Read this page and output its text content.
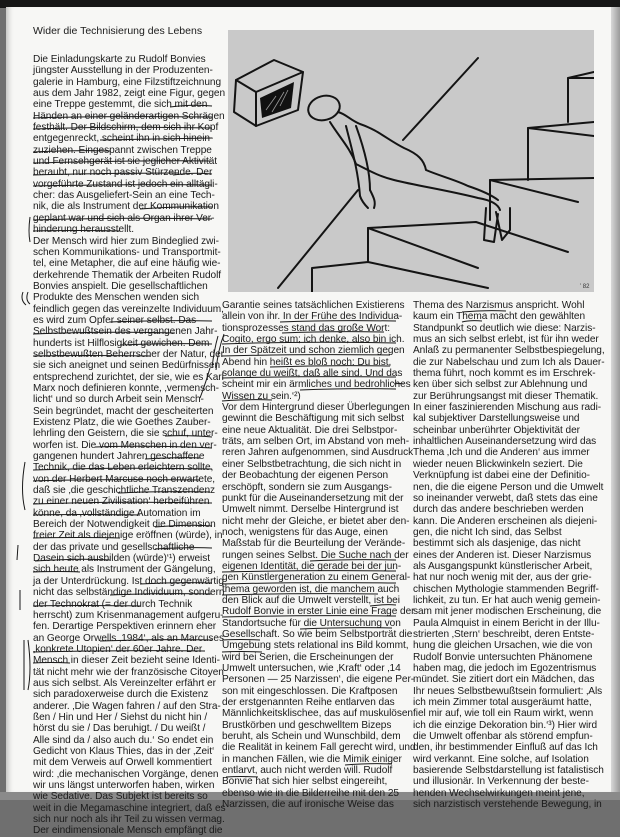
Wider die Technisierung des Lebens
’ 82
Die Einladungskarte zu Rudolf Bonvies
jüngster Ausstellung in der Produzenten-
galerie in Hamburg, eine Filzstiftzeichnung
aus dem Jahr 1982, zeigt eine Figur, gegen
eine Treppe gestemmt, die sich mit den
Händen an einer geländerartigen Schrägen
festhält. Der Bildschirm, dem sich ihr Kopf
entgegenreckt, scheint ihn in sich hinein-
zuziehen. Eingespannt zwischen Treppe
und Fernsehgerät ist sie jeglicher Aktivität
beraubt, nur noch passiv Stürzende. Der
vorgeführte Zustand ist jedoch ein alltägli-
cher: das Ausgeliefert-Sein an eine Tech-
nik, die als Instrument der Kommunikation
geplant war und sich als Organ ihrer Ver-
hinderung herausstellt.
Der Mensch wird hier zum Bindeglied zwi-
schen Kommunikations- und Transportmit-
tel, eine Metapher, die auf eine häufig wie-
derkehrende Thematik der Arbeiten Rudolf
Bonvies anspielt. Die gesellschaftlichen
Produkte des Menschen wenden sich
feindlich gegen das vereinzelte Individuum,
es wird zum Opfer seiner selbst. Das
Selbstbewußtsein des vergangenen Jahr-
hunderts ist Hilflosigkeit gewichen. Dem
selbstbewußten Beherrscher der Natur, der
sie sich aneignet und seinen Bedürfnissen
entsprechend zurichtet, der sie, wie es Karl
Marx noch definieren konnte, ‚vermensch-
licht‘ und so durch Arbeit sein Mensch-
Sein begründet, macht der gescheiterten
Existenz Platz, die wie Goethes Zauber-
lehrling den Geistern, die sie schuf, unter-
worfen ist. Die vom Menschen in den ver-
gangenen hundert Jahren geschaffene
Technik, die das Leben erleichtern sollte,
von der Herbert Marcuse noch erwartete,
daß sie ‚die geschichtliche Transzendenz
zu einer neuen Zivilisation‘ herbeiführen
könne, da ‚vollständige Automation im
Bereich der Notwendigkeit die Dimension
freier Zeit als diejenige eröffnen (würde), in
der das private und gesellschaftliche
Dasein sich ausbilden (würde)‘¹) erweist
sich heute als Instrument der Gängelung,
ja der Unterdrückung. Ist doch gegenwärtig
nicht das selbständige Individuum, sondern
der Technokrat (= der durch Technik
herrscht) zum Krisenmanagement aufgeru-
fen. Derartige Perspektiven erinnern eher
an George Orwells ‚1984‘, als an Marcuses
‚konkrete Utopien‘ der 60er Jahre. Der
Mensch in dieser Zeit bezieht seine Identi-
tät nicht mehr wie der französische Citoyen
aus sich selbst. Als Vereinzelter erfährt er
sich paradoxerweise durch die Existenz
anderer. ‚Die Wagen fahren / auf den Stra-
ßen / Hin und Her / Siehst du nicht hin /
hörst du sie / Das beruhigt. / Du weißt /
Alle sind da / also auch du.‘ So endet ein
Gedicht von Klaus Thies, das in der ‚Zeit‘
mit dem Verweis auf Orwell kommentiert
wird: ‚die mechanischen Vorgänge, denen
wir uns längst unterworfen haben, wirken
wie Sedative. Das Subjekt ist bereits so
weit in die Megamaschine integriert, daß es
sich nur noch als ihr Teil zu wissen vermag.
Der eindimensionale Mensch empfängt die
Garantie seines tatsächlichen Existierens
allein von ihr. In der Frühe des Individua-
tionsprozesses stand das große Wort:
Cogito, ergo sum; ich denke, also bin ich.
In der Spätzeit und schon ziemlich gegen
Abend hin heißt es bloß noch: Du bist,
solange du weißt, daß alle sind. Und das
scheint mir ein ärmliches und bedrohliches
Wissen zu sein.‘²)
Vor dem Hintergrund dieser Überlegungen
gewinnt die Beschäftigung mit sich selbst
eine neue Aktualität. Die drei Selbstpor-
träts, am selben Ort, im Abstand von meh-
reren Jahren aufgenommen, sind Ausdruck
einer Selbstbetrachtung, die sich nicht in
der Beobachtung der eigenen Person
erschöpft, sondern sie zum Ausgangs-
punkt für die Auseinandersetzung mit der
Umwelt nimmt. Derselbe Hintergrund ist
nicht mehr der Gleiche, er bietet aber den-
noch, wenigstens für das Auge, einen
Maßstab für die Beurteilung der Verände-
rungen seines Selbst. Die Suche nach der
eigenen Identität, die gerade bei der jun-
gen Künstlergeneration zu einem General-
thema geworden ist, die manchem auch
den Blick auf die Umwelt verstellt, ist bei
Rudolf Bonvie in erster Linie eine Frage der
Standortsuche für die Untersuchung von
Gesellschaft. So wie beim Selbstporträt die
Umgebung stets relational ins Bild kommt,
wird bei Serien, die Erscheinungen der
Umwelt untersuchen, wie ‚Kraft‘ oder ‚14
Personen — 25 Narzissen‘, die eigene Per-
son mit eingeschlossen. Die Kraftposen
der erstgenannten Reihe entlarven das
Männlichkeitsklischee, das auf muskulösen
Brustkörben und geschwelltem Bizeps
beruht, als Schein und Wunschbild, dem
die Realität in keinem Fall gerecht wird, und
in manchen Fällen, wie die Mimik einiger
entlarvt, auch nicht werden will. Rudolf
Bonvie hat sich hier selbst eingereiht,
ebenso wie in die Bilderreihe mit den 25
Narzissen, die auf ironische Weise das
Thema des Narzismus anspricht. Wohl
kaum ein Thema macht den gewählten
Standpunkt so deutlich wie diese: Narzis-
mus an sich selbst erlebt, ist für ihn weder
Anlaß zu permanenter Selbstbespiegelung,
die zur Nabelschau und zum Ich als Dauer-
thema führt, noch kommt es im Erschrek-
ken über sich selbst zur Ablehnung und
zur Berührungsangst mit dieser Thematik.
In einer faszinierenden Mischung aus radi-
kal subjektiver Darstellungsweise und
scheinbar unberührter Objektivität der
inhaltlichen Auseinandersetzung wird das
Thema ‚Ich und die Anderen‘ aus immer
wieder neuen Blickwinkeln seziert. Die
Verknüpfung ist dabei eine der Definitio-
nen, die die eigene Person und die Umwelt
so ineinander verwebt, daß stets das eine
durch das andere beschrieben werden
kann. Die Anderen erscheinen als diejeni-
gen, die nicht Ich sind, das Selbst
bestimmt sich als dasjenige, das nicht
eines der Anderen ist. Dieser Narzismus
als Ausgangspunkt künstlerischer Arbeit,
hat nur noch wenig mit der, aus der grie-
chischen Mythologie stammenden Begriff-
lichkeit, zu tun. Er hat auch wenig gemein-
sam mit jener modischen Erscheinung, die
Paula Almquist in einem Bericht in der Illu-
strierten ‚Stern‘ beschreibt, deren Entste-
hung die gleichen Ursachen, wie die von
Rudolf Bonvie untersuchten Phänomene
haben mag, die jedoch im Egozentrismus
mündet. Sie zitiert dort ein Mädchen, das
Ihr neues Selbstbewußtsein formuliert: ‚Als
ich mein Zimmer total ausgeräumt hatte,
fiel mir auf, wie toll ein Raum wirkt, wenn
ich die einzige Dekoration bin.‘³) Hier wird
die Umwelt offenbar als störend empfun-
den, ihr bestimmender Einfluß auf das Ich
wird verkannt. Eine solche, auf Isolation
basierende Selbstdarstellung ist fatalistisch
und illusionär. In Verkennung der beste-
henden Wechselwirkungen meint jene,
sich narzistisch verstehende Bewegung, in
